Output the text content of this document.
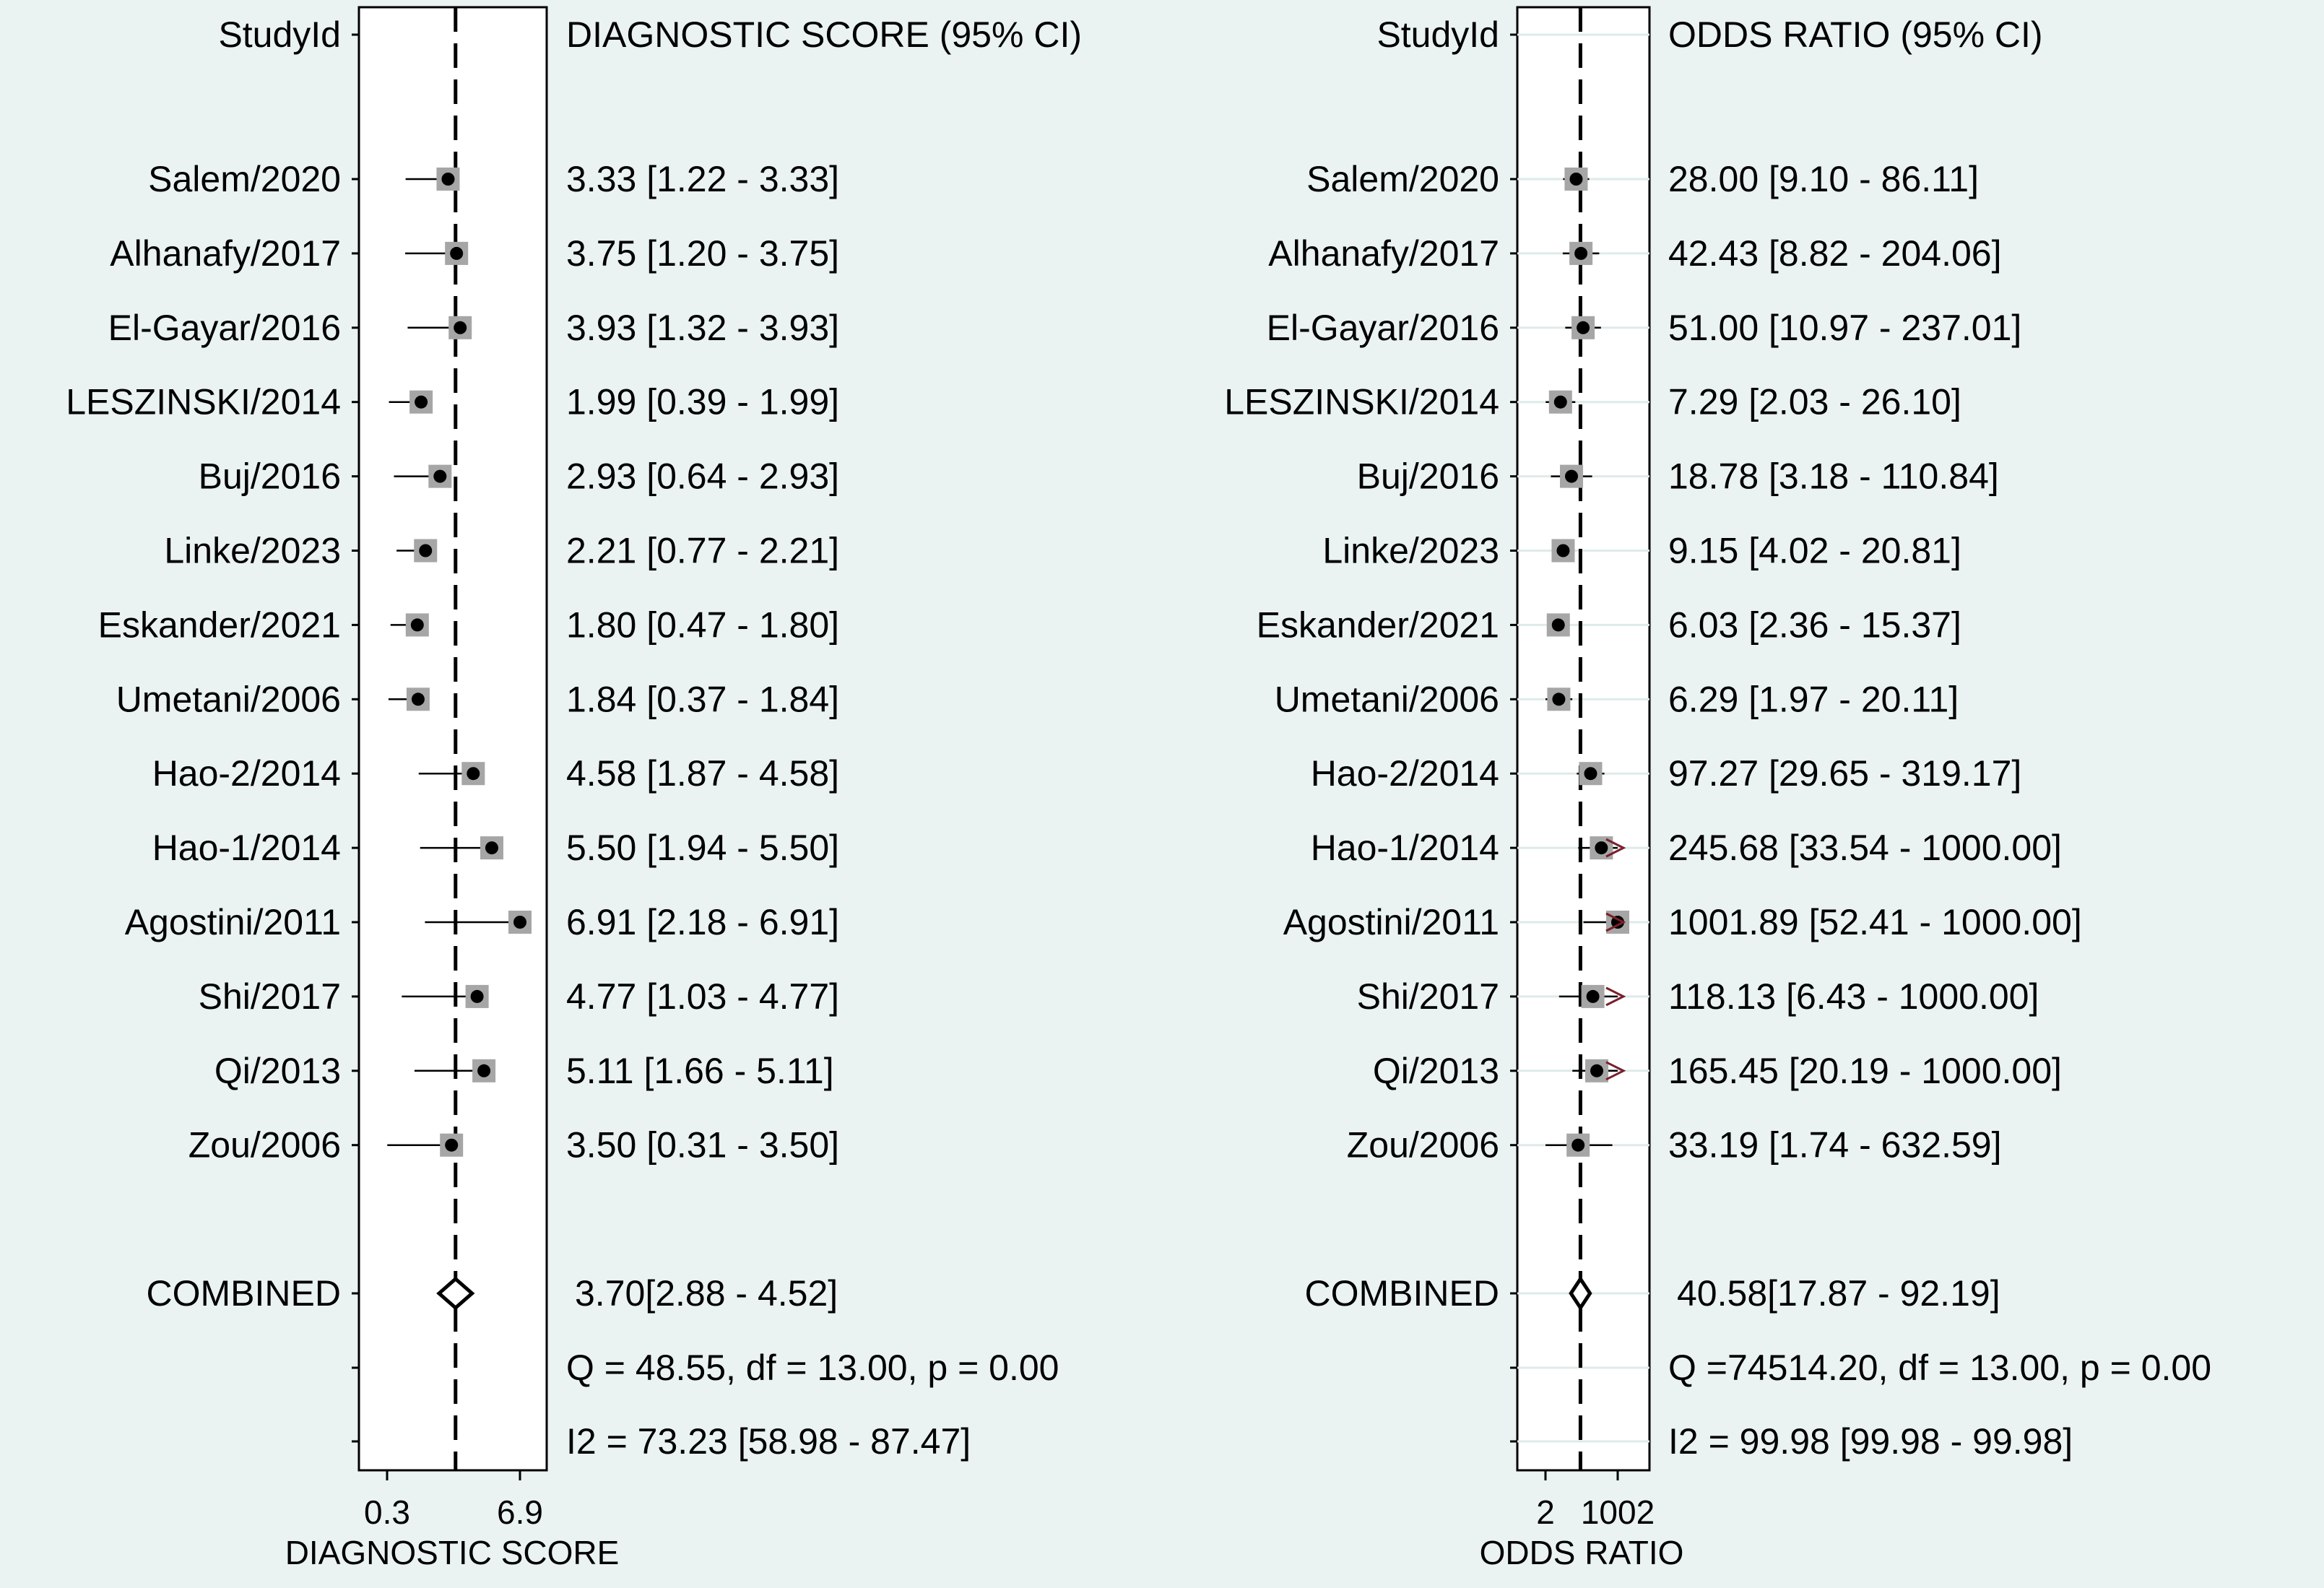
StudyId	DIAGNOSTIC SCORE (95% CI)
Salem/2020	3.33 [1.22 - 3.33]
Alhanafy/2017	3.75 [1.20 - 3.75]
El-Gayar/2016	3.93 [1.32 - 3.93]
LESZINSKI/2014	1.99 [0.39 - 1.99]
Buj/2016	2.93 [0.64 - 2.93]
Linke/2023	2.21 [0.77 - 2.21]
Eskander/2021	1.80 [0.47 - 1.80]
Umetani/2006	1.84 [0.37 - 1.84]
Hao-2/2014	4.58 [1.87 - 4.58]
Hao-1/2014	5.50 [1.94 - 5.50]
Agostini/2011	6.91 [2.18 - 6.91]
Shi/2017	4.77 [1.03 - 4.77]
Qi/2013	5.11 [1.66 - 5.11]
Zou/2006	3.50 [0.31 - 3.50]
COMBINED	3.70[2.88 - 4.52]
Q = 48.55, df = 13.00, p = 0.00
I2 = 73.23 [58.98 - 87.47]
0.3	6.9
DIAGNOSTIC SCORE
StudyId	ODDS RATIO (95% CI)
Salem/2020	28.00 [9.10 - 86.11]
Alhanafy/2017	42.43 [8.82 - 204.06]
El-Gayar/2016	51.00 [10.97 - 237.01]
LESZINSKI/2014	7.29 [2.03 - 26.10]
Buj/2016	18.78 [3.18 - 110.84]
Linke/2023	9.15 [4.02 - 20.81]
Eskander/2021	6.03 [2.36 - 15.37]
Umetani/2006	6.29 [1.97 - 20.11]
Hao-2/2014	97.27 [29.65 - 319.17]
Hao-1/2014	245.68 [33.54 - 1000.00]
Agostini/2011	1001.89 [52.41 - 1000.00]
Shi/2017	118.13 [6.43 - 1000.00]
Qi/2013	165.45 [20.19 - 1000.00]
Zou/2006	33.19 [1.74 - 632.59]
COMBINED	40.58[17.87 - 92.19]
Q =74514.20, df = 13.00, p = 0.00
I2 = 99.98 [99.98 - 99.98]
2 1002
ODDS RATIO
